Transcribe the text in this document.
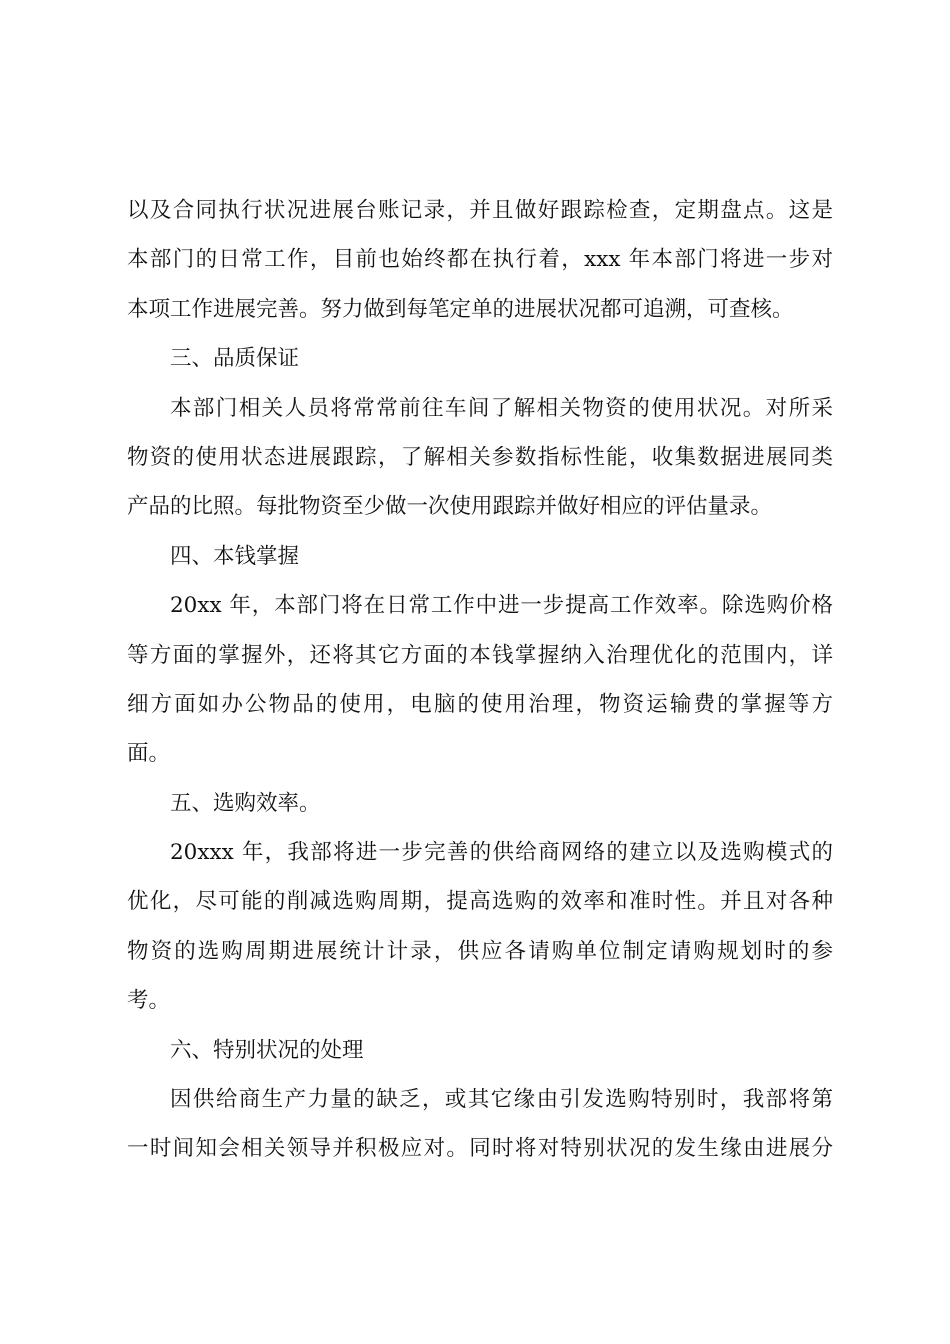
以及合同执行状况进展台账记录，并且做好跟踪检查，定期盘点。这是
本部门的日常工作，目前也始终都在执行着，xxx 年本部门将进一步对
本项工作进展完善。努力做到每笔定单的进展状况都可追溯，可查核。
三、品质保证
本部门相关人员将常常前往车间了解相关物资的使用状况。对所采
物资的使用状态进展跟踪，了解相关参数指标性能，收集数据进展同类
产品的比照。每批物资至少做一次使用跟踪并做好相应的评估量录。
四、本钱掌握
20xx 年，本部门将在日常工作中进一步提高工作效率。除选购价格
等方面的掌握外，还将其它方面的本钱掌握纳入治理优化的范围内，详
细方面如办公物品的使用，电脑的使用治理，物资运输费的掌握等方
面。
五、选购效率。
20xxx 年，我部将进一步完善的供给商网络的建立以及选购模式的
优化，尽可能的削减选购周期，提高选购的效率和准时性。并且对各种
物资的选购周期进展统计计录，供应各请购单位制定请购规划时的参
考。
六、特别状况的处理
因供给商生产力量的缺乏，或其它缘由引发选购特别时，我部将第
一时间知会相关领导并积极应对。同时将对特别状况的发生缘由进展分
